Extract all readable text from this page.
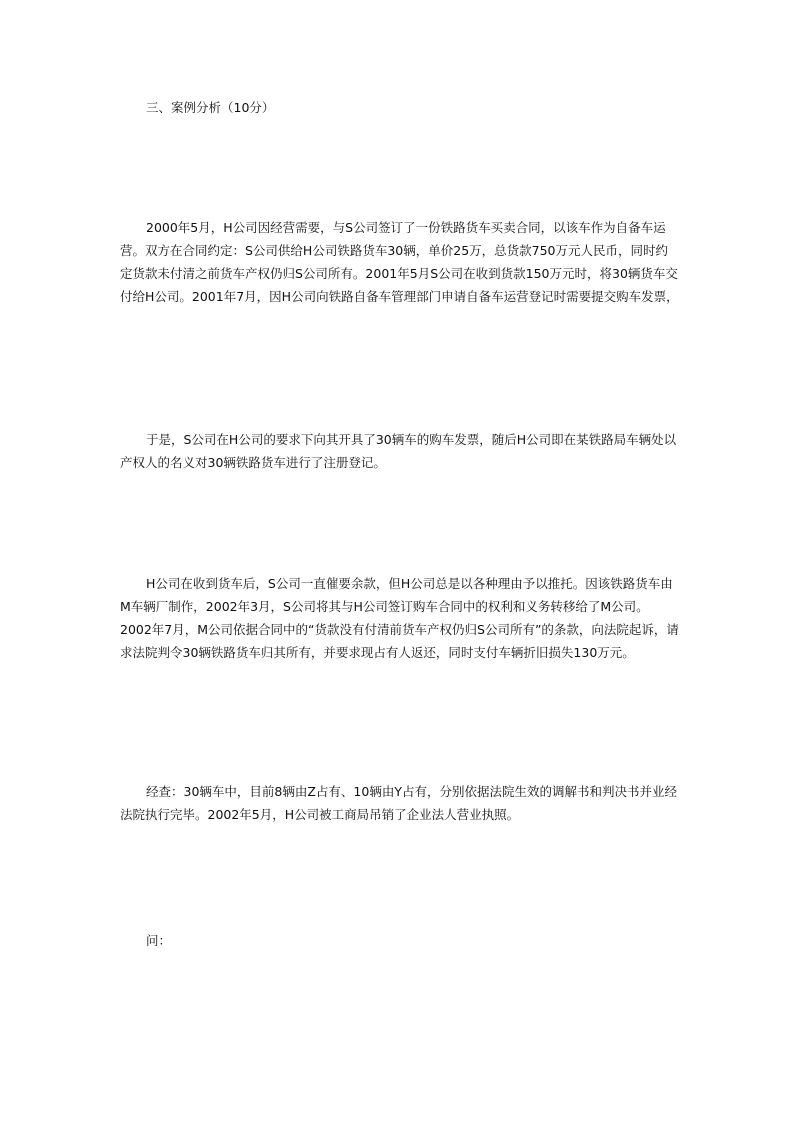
三、案例分析（10分）

2000年5月，H公司因经营需要，与S公司签订了一份铁路货车买卖合同，以该车作为自备车运营。双方在合同约定：S公司供给H公司铁路货车30辆，单价25万，总货款750万元人民币，同时约定货款未付清之前货车产权仍归S公司所有。2001年5月S公司在收到货款150万元时，将30辆货车交付给H公司。2001年7月，因H公司向铁路自备车管理部门申请自备车运营登记时需要提交购车发票，

于是，S公司在H公司的要求下向其开具了30辆车的购车发票，随后H公司即在某铁路局车辆处以产权人的名义对30辆铁路货车进行了注册登记。

H公司在收到货车后，S公司一直催要余款，但H公司总是以各种理由予以推托。因该铁路货车由M车辆厂制作，2002年3月，S公司将其与H公司签订购车合同中的权利和义务转移给了M公司。2002年7月，M公司依据合同中的“货款没有付清前货车产权仍归S公司所有”的条款，向法院起诉，请求法院判令30辆铁路货车归其所有，并要求现占有人返还，同时支付车辆折旧损失130万元。

经查：30辆车中，目前8辆由Z占有、10辆由Y占有，分别依据法院生效的调解书和判决书并业经法院执行完毕。2002年5月，H公司被工商局吊销了企业法人营业执照。

问：
